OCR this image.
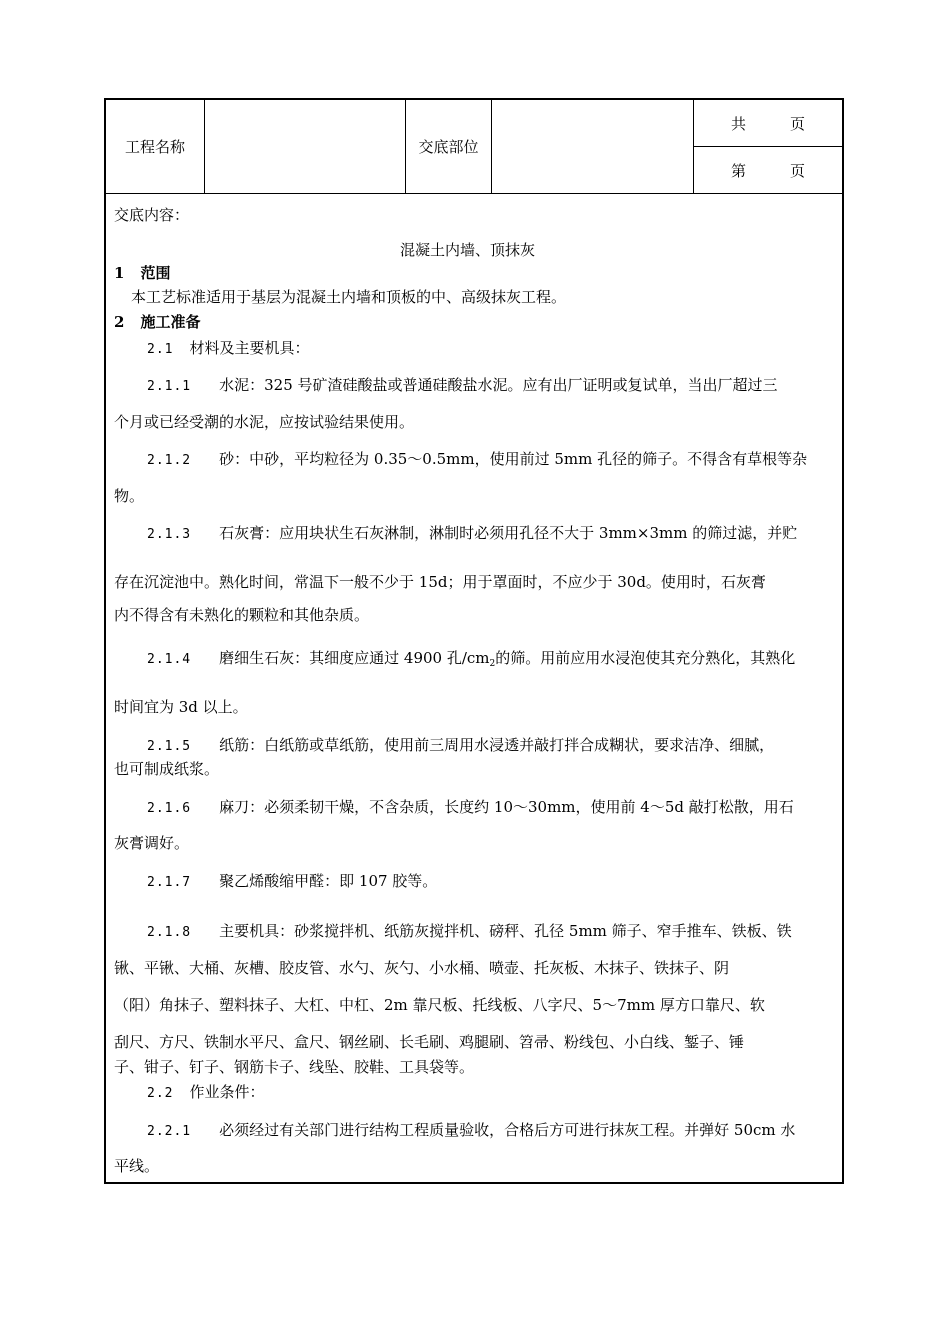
工程名称	交底部位
共	页
第	页
交底内容：
混凝土内墙、顶抹灰
1 范围
本工艺标准适用于基层为混凝土内墙和顶板的中、高级抹灰工程。
2 施工准备
2.1 材料及主要机具：
2.1.1 水泥：325 号矿渣硅酸盐或普通硅酸盐水泥。应有出厂证明或复试单，当出厂超过三
个月或已经受潮的水泥，应按试验结果使用。
2.1.2 砂：中砂，平均粒径为 0.35～0.5mm，使用前过 5mm 孔径的筛子。不得含有草根等杂
物。
2.1.3 石灰膏：应用块状生石灰淋制，淋制时必须用孔径不大于 3mm×3mm 的筛过滤，并贮
存在沉淀池中。熟化时间，常温下一般不少于 15d；用于罩面时，不应少于 30d。使用时，石灰膏
内不得含有未熟化的颗粒和其他杂质。
2.1.4 磨细生石灰：其细度应通过 4900 孔$/cm_2$的筛。用前应用水浸泡使其充分熟化，其熟化
时间宜为 3d 以上。
2.1.5 纸筋：白纸筋或草纸筋，使用前三周用水浸透并敲打拌合成糊状，要求洁净、细腻，
也可制成纸浆。
2.1.6 麻刀：必须柔韧干燥，不含杂质，长度约 10～30mm，使用前 4～5d 敲打松散，用石
灰膏调好。
2.1.7 聚乙烯酸缩甲醛：即 107 胶等。
2.1.8 主要机具：砂浆搅拌机、纸筋灰搅拌机、磅秤、孔径 5mm 筛子、窄手推车、铁板、铁
锹、平锹、大桶、灰槽、胶皮管、水勺、灰勺、小水桶、喷壶、托灰板、木抹子、铁抹子、阴
（阳）角抹子、塑料抹子、大杠、中杠、2m 靠尺板、托线板、八字尺、5～7mm 厚方口靠尺、软
刮尺、方尺、铁制水平尺、盒尺、钢丝刷、长毛刷、鸡腿刷、笤帚、粉线包、小白线、錾子、锤
子、钳子、钉子、钢筋卡子、线坠、胶鞋、工具袋等。
2.2 作业条件：
2.2.1 必须经过有关部门进行结构工程质量验收，合格后方可进行抹灰工程。并弹好 50cm 水
平线。
